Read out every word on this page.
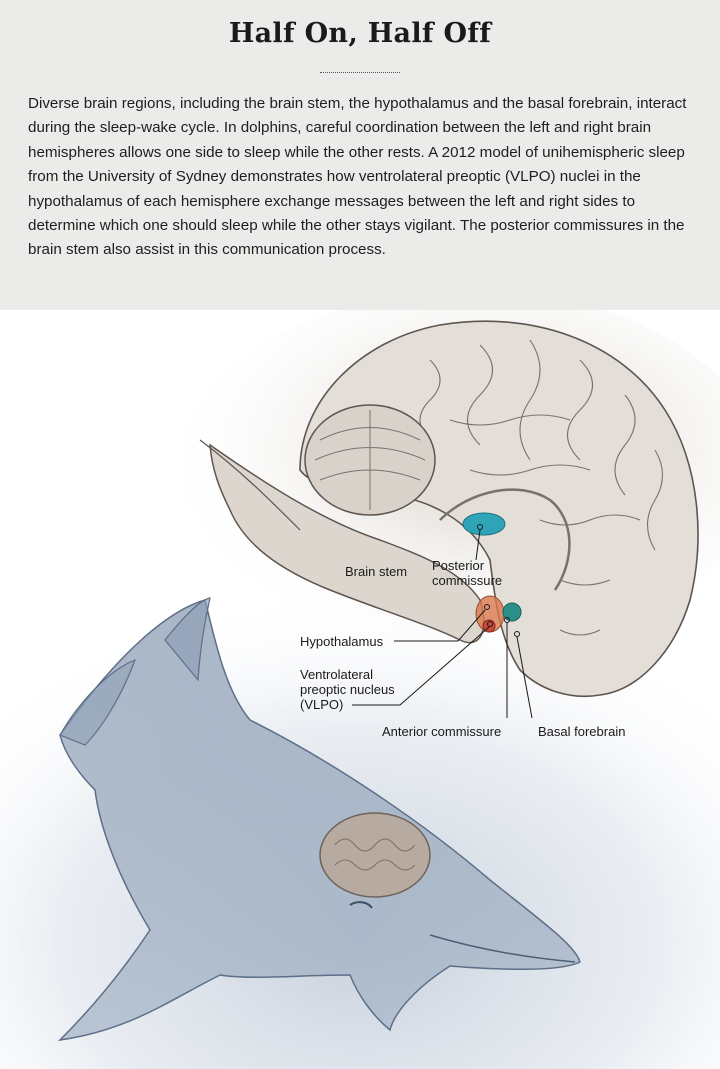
Half On, Half Off

Diverse brain regions, including the brain stem, the hypothalamus and the basal forebrain, interact during the sleep-wake cycle. In dolphins, careful coordination between the left and right brain hemispheres allows one side to sleep while the other rests. A 2012 model of unihemispheric sleep from the University of Sydney demonstrates how ventrolateral preoptic (VLPO) nuclei in the hypothalamus of each hemisphere exchange messages between the left and right sides to determine which one should sleep while the other stays vigilant. The posterior commissures in the brain stem also assist in this communication process.

Brain stem Posterior
commissure
Hypothalamus
Ventrolateral
preoptic nucleus
(VLPO)
Anterior commissure	Basal forebrain
